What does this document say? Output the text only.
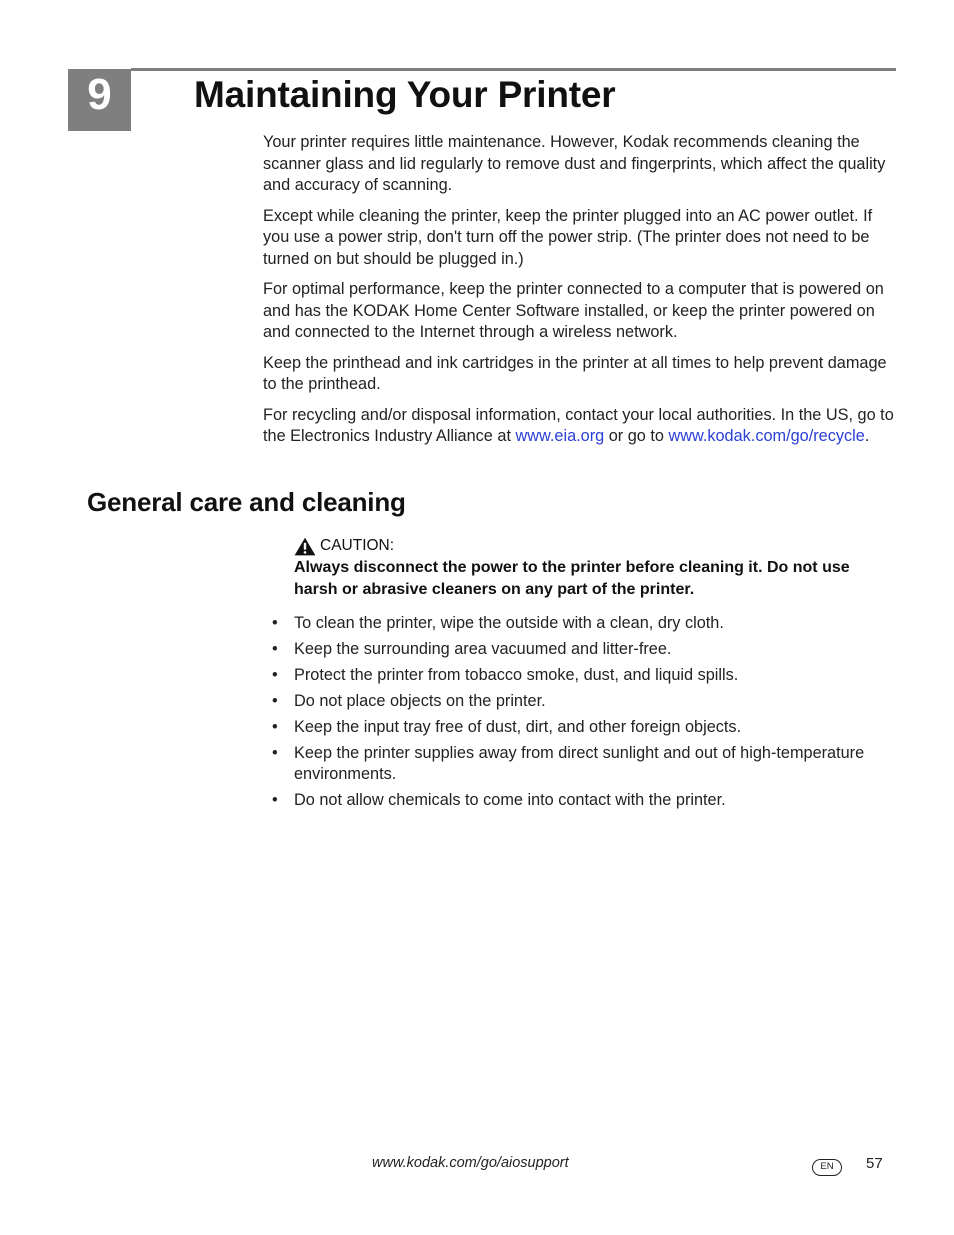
9	Maintaining Your Printer

Your printer requires little maintenance. However, Kodak recommends cleaning the scanner glass and lid regularly to remove dust and fingerprints, which affect the quality and accuracy of scanning.

Except while cleaning the printer, keep the printer plugged into an AC power outlet. If you use a power strip, don't turn off the power strip. (The printer does not need to be turned on but should be plugged in.)

For optimal performance, keep the printer connected to a computer that is powered on and has the KODAK Home Center Software installed, or keep the printer powered on and connected to the Internet through a wireless network.

Keep the printhead and ink cartridges in the printer at all times to help prevent damage to the printhead.

For recycling and/or disposal information, contact your local authorities. In the US, go to the Electronics Industry Alliance at www.eia.org or go to www.kodak.com/go/recycle.

General care and cleaning
CAUTION:
Always disconnect the power to the printer before cleaning it. Do not use harsh or abrasive cleaners on any part of the printer.
• To clean the printer, wipe the outside with a clean, dry cloth.
• Keep the surrounding area vacuumed and litter-free.
• Protect the printer from tobacco smoke, dust, and liquid spills.
• Do not place objects on the printer.
• Keep the input tray free of dust, dirt, and other foreign objects.
• Keep the printer supplies away from direct sunlight and out of high-temperature environments.
• Do not allow chemicals to come into contact with the printer.
www.kodak.com/go/aiosupport	EN	57
